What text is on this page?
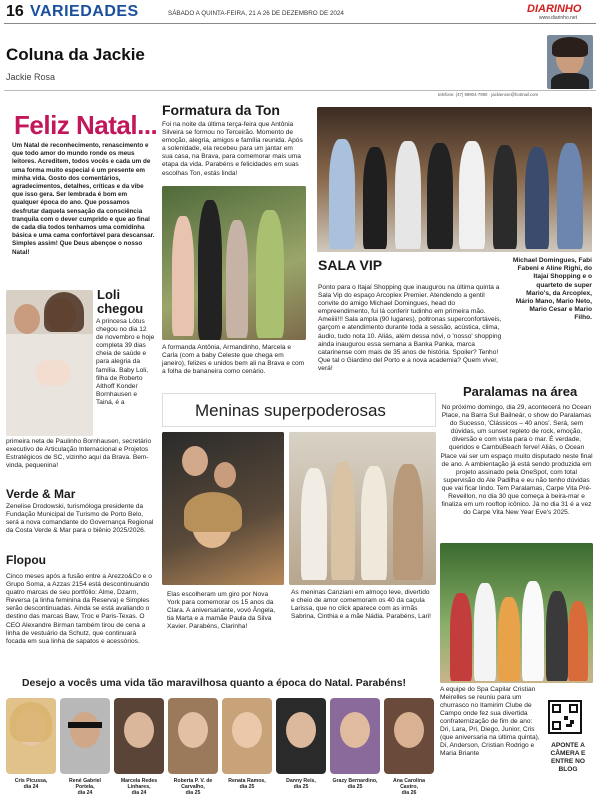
16 VARIEDADES	SÁBADO A QUINTA-FEIRA, 21 A 26 DE DEZEMBRO DE 2024	DIARINHO
www.diarinho.net
Coluna da Jackie
Jackie Rosa
telefone: (47) 99904-7990 · jackierose@hotmail.com
Feliz Natal...
Um Natal de reconhecimento, renascimento e que todo amor do mundo ronde os meus leitores. Acreditem, todos vocês e cada um de uma forma muito especial é um presente em minha vida. Gosto dos comentários, agradecimentos, detalhes, críticas e da vibe que isso gera. Ser lembrada é bom em qualquer época do ano. Que possamos desfrutar daquela sensação da consciência tranquila com o dever cumprido e que ao final de cada dia todos tenhamos uma comidinha básica e uma cama confortável para descansar. Simples assim! Que Deus abençoe o nosso Natal!
Loli chegou
A princesa Lótus chegou no dia 12 de novembro e hoje completa 39 dias cheia de saúde e para alegria da família. Baby Loli, filha de Roberto Althoff Konder Bornhausen e Tainá, é a
primeira neta de Paulinho Bornhausen, secretário executivo de Articulação Internacional e Projetos Estratégicos de SC, vizinho aqui da Brava. Bem-vinda, pequenina!
Verde & Mar
Zenelise Drodowski, turismóloga presidente da Fundação Municipal de Turismo de Porto Belo, será a nova comandante do Governança Regional da Costa Verde & Mar para o biênio 2025/2026.
Flopou
Cinco meses após a fusão entre a Arezzo&Co e o Grupo Soma, a Azzas 2154 está descontinuando quatro marcas de seu portfólio: Alme, Dzarm, Reversa (a linha feminina da Reserva) e Simples serão descontinuadas. Ainda se está avaliando o destino das marcas Baw, Troc e Paris-Texas. O CEO Alexandre Birman também tirou de cena a linha de vestuário da Schutz, que continuará focada em sua linha de sapatos e acessórios.
Formatura da Ton
Foi na noite da última terça-feira que Antônia Silveira se formou no Terceirão. Momento de emoção, alegria, amigos e família reunida. Após a solenidade, ela recebeu para um jantar em sua casa, na Brava, para comemorar mais uma etapa da vida. Parabéns e felicidades em suas escolhas Ton, estás linda!
A formanda Antônia, Armandinho, Marcela e Carla (com a baby Celeste que chega em janeiro), felizes e unidos bem ali na Brava e com a folha de bananeira como cenário.
SALA VIP	Michael Domingues, Fabi Fabeni e Aline Righi, do Itajaí Shopping e o quarteto de super Mario's, da Arcoplex, Mário Mano, Mario Neto, Mario Cesar e Mario Filho.
Ponto para o Itajaí Shopping que inaugurou na última quinta a Sala Vip do espaço Arcoplex Premier. Atendendo a gentil convite do amigo Michael Domingues, head do empreendimento, fui lá conferir tudinho em primeira mão. Ameiiii!!! Sala ampla (90 lugares), poltronas superconfortáveis, garçom e atendimento durante toda a sessão, acústica, clima, áudio, tudo nota 10. Aliás, além dessa nóvi, o 'nosso' shopping ainda inaugurou essa semana a Banka Panka, marca catarinense com mais de 35 anos de história. Spoiler? Tenho! Que tal o Giardino del Porto e a nova academia? Quem viver, verá!
Paralamas na área
No próximo domingo, dia 29, acontecerá no Ocean Place, na Barra Sul Bailneár, o show do Paralamas do Sucesso, 'Clássicos – 40 anos'. Será, sem dúvidas, um sunset repleto de rock, emoção, diversão e com vista para o mar. É verdade, queridos e CambúBeach ferve! Aliás, o Ocean Place vai ser um espaço muito disputado neste final de ano. A ambientação já está sendo produzida em projeto assinado pela OneSpot, com total supervisão do Ale Padilha e eu não tenho dúvidas que vai ficar lindo. Tem Paralamas, Carpe Vita Pré-Reveillon, no dia 30 que começa à beira-mar e finaliza em um rooftop icônico. Já no dia 31 é a vez do Carpe Vita New Year Eve's 2025.
Meninas superpoderosas
Elas escolheram um giro por Nova York para comemorar os 15 anos da Clara. A aniversariante, vovó Ângela, tia Marta e a mamãe Paula da Silva Xavier. Parabéns, Clarinha!
As meninas Canziani em almoço leve, divertido e cheio de amor comemoram os 40 da caçula Larissa, que no click aparece com as irmãs Sabrina, Cinthia e a mãe Nádia. Parabéns, Lari!
A equipe do Spa Capilar Cristian Meirelles se reuniu para um churrasco no Itamirim Clube de Campo onde fez sua divertida confraternização de fim de ano: Dri, Lara, Pri, Diego, Junior, Cris (que aniversaria na última quinta), Di, Anderson, Cristian Rodrigo e Maria Briante
APONTE A CÂMERA E ENTRE NO BLOG
Desejo a vocês uma vida tão maravilhosa quanto a época do Natal. Parabéns!
Cris Picussa,
dia 24
René Gabriel Portela,
dia 24
Marcela Redes Linhares,
dia 24
Roberta P. V. de Carvalho,
dia 25
Renata Ramos,
dia 25
Danny Reis,
dia 25
Grazy Bernardino,
dia 25
Ana Carolina Castro,
dia 26
